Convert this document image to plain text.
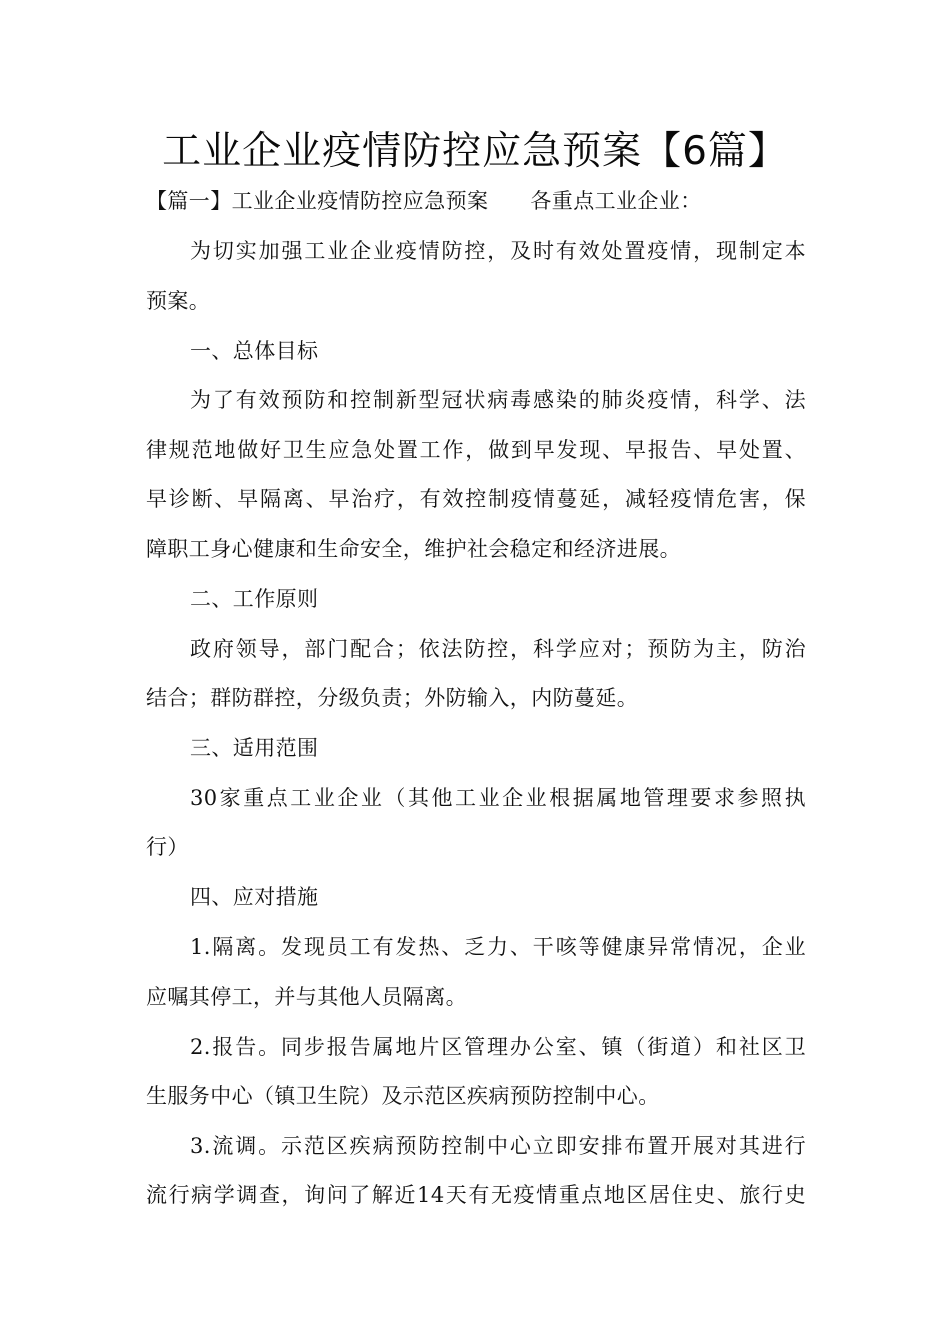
工业企业疫情防控应急预案【6篇】

【篇一】工业企业疫情防控应急预案 各重点工业企业：

为切实加强工业企业疫情防控，及时有效处置疫情，现制定本

预案。

一、总体目标

为了有效预防和控制新型冠状病毒感染的肺炎疫情，科学、法

律规范地做好卫生应急处置工作，做到早发现、早报告、早处置、

早诊断、早隔离、早治疗，有效控制疫情蔓延，减轻疫情危害，保

障职工身心健康和生命安全，维护社会稳定和经济进展。

二、工作原则

政府领导，部门配合；依法防控，科学应对；预防为主，防治

结合；群防群控，分级负责；外防输入，内防蔓延。

三、适用范围

30家重点工业企业（其他工业企业根据属地管理要求参照执

行）

四、应对措施

1.隔离。发现员工有发热、乏力、干咳等健康异常情况，企业

应嘱其停工，并与其他人员隔离。

2.报告。同步报告属地片区管理办公室、镇（街道）和社区卫

生服务中心（镇卫生院）及示范区疾病预防控制中心。

3.流调。示范区疾病预防控制中心立即安排布置开展对其进行

流行病学调查，询问了解近14天有无疫情重点地区居住史、旅行史
